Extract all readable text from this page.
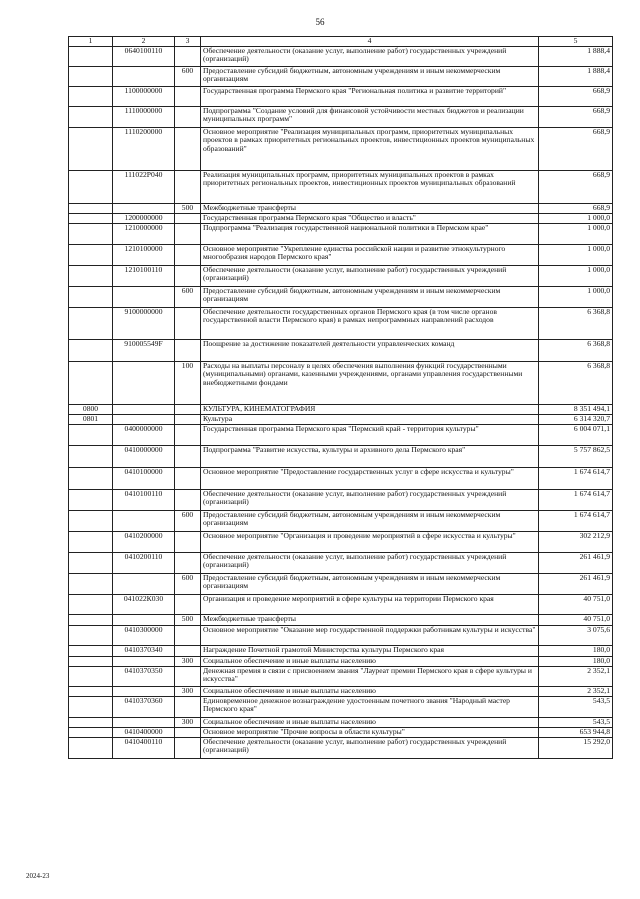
56
1	2	3	4	5
	0640100110		Обеспечение деятельности (оказание услуг, выполнение работ) государственных учреждений (организаций)	1 888,4
		600	Предоставление субсидий бюджетным, автономным учреждениям и иным некоммерческим организациям	1 888,4
	1100000000		Государственная программа Пермского края "Региональная политика и развитие территорий"	668,9
	1110000000		Подпрограмма "Создание условий для финансовой устойчивости местных бюджетов и реализации муниципальных программ"	668,9
	1110200000		Основное мероприятие "Реализация муниципальных программ, приоритетных муниципальных проектов в рамках приоритетных региональных проектов, инвестиционных проектов муниципальных образований"	668,9
	111022Р040		Реализация муниципальных программ, приоритетных муниципальных проектов в рамках приоритетных региональных проектов, инвестиционных проектов муниципальных образований	668,9
		500	Межбюджетные трансферты	668,9
	1200000000		Государственная программа Пермского края "Общество и власть"	1 000,0
	1210000000		Подпрограмма "Реализация государственной национальной политики в Пермском крае"	1 000,0
	1210100000		Основное мероприятие "Укрепление единства российской нации и развитие этнокультурного многообразия народов Пермского края"	1 000,0
	1210100110		Обеспечение деятельности (оказание услуг, выполнение работ) государственных учреждений (организаций)	1 000,0
		600	Предоставление субсидий бюджетным, автономным учреждениям и иным некоммерческим организациям	1 000,0
	9100000000		Обеспечение деятельности государственных органов Пермского края (в том числе органов государственной власти Пермского края) в рамках непрограммных направлений расходов	6 368,8
	910005549F		Поощрение за достижение показателей деятельности управленческих команд	6 368,8
		100	Расходы на выплаты персоналу в целях обеспечения выполнения функций государственными (муниципальными) органами, казенными учреждениями, органами управления государственными внебюджетными фондами	6 368,8
0800			КУЛЬТУРА, КИНЕМАТОГРАФИЯ	8 351 494,1
0801			Культура	6 314 320,7
	0400000000		Государственная программа Пермского края "Пермский край - территория культуры"	6 004 071,1
	0410000000		Подпрограмма "Развитие искусства, культуры и архивного дела Пермского края"	5 757 862,5
	0410100000		Основное мероприятие "Предоставление государственных услуг в сфере искусства и культуры"	1 674 614,7
	0410100110		Обеспечение деятельности (оказание услуг, выполнение работ) государственных учреждений (организаций)	1 674 614,7
		600	Предоставление субсидий бюджетным, автономным учреждениям и иным некоммерческим организациям	1 674 614,7
	0410200000		Основное мероприятие "Организация и проведение мероприятий в сфере искусства и культуры"	302 212,9
	0410200110		Обеспечение деятельности (оказание услуг, выполнение работ) государственных учреждений (организаций)	261 461,9
		600	Предоставление субсидий бюджетным, автономным учреждениям и иным некоммерческим организациям	261 461,9
	041022К030		Организация и проведение мероприятий в сфере культуры на территории Пермского края	40 751,0
		500	Межбюджетные трансферты	40 751,0
	0410300000		Основное мероприятие "Оказание мер государственной поддержки работникам культуры и искусства"	3 075,6
	0410370340		Награждение Почетной грамотой Министерства культуры Пермского края	180,0
		300	Социальное обеспечение и иные выплаты населению	180,0
	0410370350		Денежная премия в связи с присвоением звания "Лауреат премии Пермского края в сфере культуры и искусства"	2 352,1
		300	Социальное обеспечение и иные выплаты населению	2 352,1
	0410370360		Единовременное денежное вознаграждение удостоенным почетного звания "Народный мастер Пермского края"	543,5
		300	Социальное обеспечение и иные выплаты населению	543,5
	0410400000		Основное мероприятие "Прочие вопросы в области культуры"	653 944,8
	0410400110		Обеспечение деятельности (оказание услуг, выполнение работ) государственных учреждений (организаций)	15 292,0
2024-23
